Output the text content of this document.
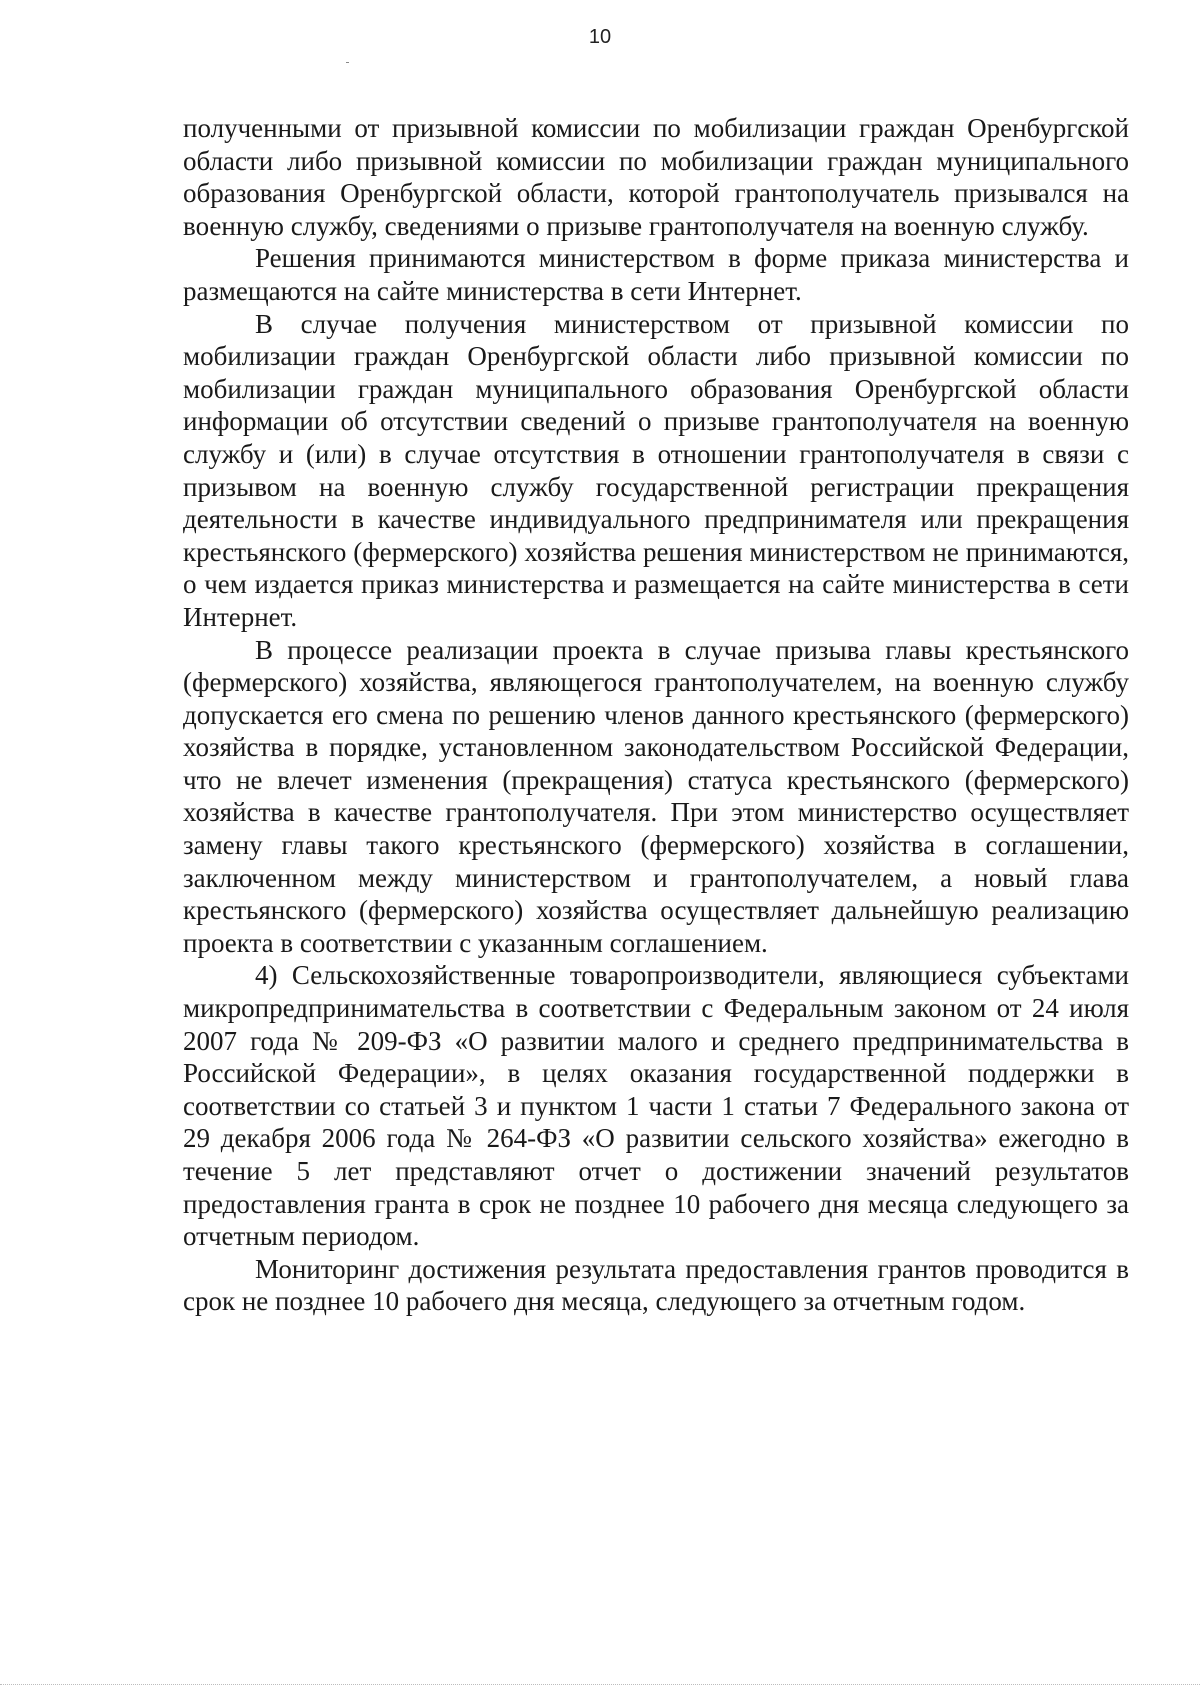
10

полученными от призывной комиссии по мобилизации граждан Оренбургской области либо призывной комиссии по мобилизации граждан муниципального образования Оренбургской области, которой грантополучатель призывался на военную службу, сведениями о призыве грантополучателя на военную службу.

Решения принимаются министерством в форме приказа министерства и размещаются на сайте министерства в сети Интернет.

В случае получения министерством от призывной комиссии по мобилизации граждан Оренбургской области либо призывной комиссии по мобилизации граждан муниципального образования Оренбургской области информации об отсутствии сведений о призыве грантополучателя на военную службу и (или) в случае отсутствия в отношении грантополучателя в связи с призывом на военную службу государственной регистрации прекращения деятельности в качестве индивидуального предпринимателя или прекращения крестьянского (фермерского) хозяйства решения министерством не принимаются, о чем издается приказ министерства и размещается на сайте министерства в сети Интернет.

В процессе реализации проекта в случае призыва главы крестьянского (фермерского) хозяйства, являющегося грантополучателем, на военную службу допускается его смена по решению членов данного крестьянского (фермерского) хозяйства в порядке, установленном законодательством Российской Федерации, что не влечет изменения (прекращения) статуса крестьянского (фермерского) хозяйства в качестве грантополучателя. При этом министерство осуществляет замену главы такого крестьянского (фермерского) хозяйства в соглашении, заключенном между министерством и грантополучателем, а новый глава крестьянского (фермерского) хозяйства осуществляет дальнейшую реализацию проекта в соответствии с указанным соглашением.

4) Сельскохозяйственные товаропроизводители, являющиеся субъектами микропредпринимательства в соответствии с Федеральным законом от 24 июля 2007 года № 209-ФЗ «О развитии малого и среднего предпринимательства в Российской Федерации», в целях оказания государственной поддержки в соответствии со статьей 3 и пунктом 1 части 1 статьи 7 Федерального закона от 29 декабря 2006 года № 264-ФЗ «О развитии сельского хозяйства» ежегодно в течение 5 лет представляют отчет о достижении значений результатов предоставления гранта в срок не позднее 10 рабочего дня месяца следующего за отчетным периодом.

Мониторинг достижения результата предоставления грантов проводится в срок не позднее 10 рабочего дня месяца, следующего за отчетным годом.
